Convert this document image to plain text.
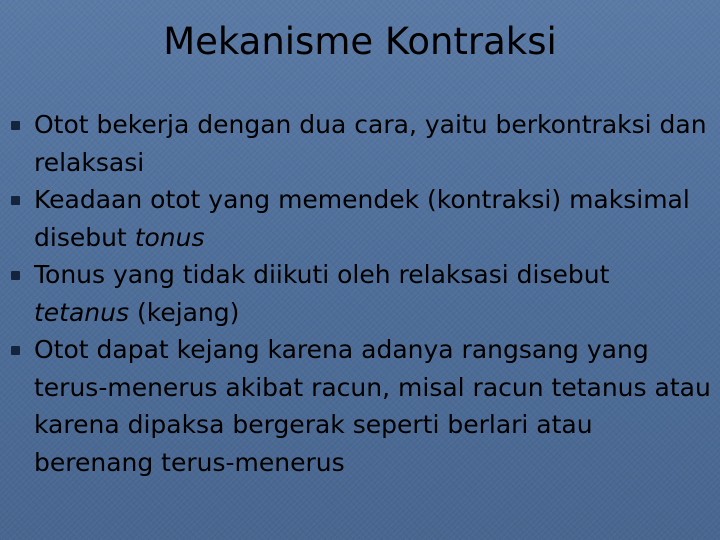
Mekanisme Kontraksi
Otot bekerja dengan dua cara, yaitu berkontraksi dan relaksasi
Keadaan otot yang memendek (kontraksi) maksimal disebut tonus
Tonus yang tidak diikuti oleh relaksasi disebut tetanus (kejang)
Otot dapat kejang karena adanya rangsang yang terus-menerus akibat racun, misal racun tetanus atau karena dipaksa bergerak seperti berlari atau berenang terus-menerus
